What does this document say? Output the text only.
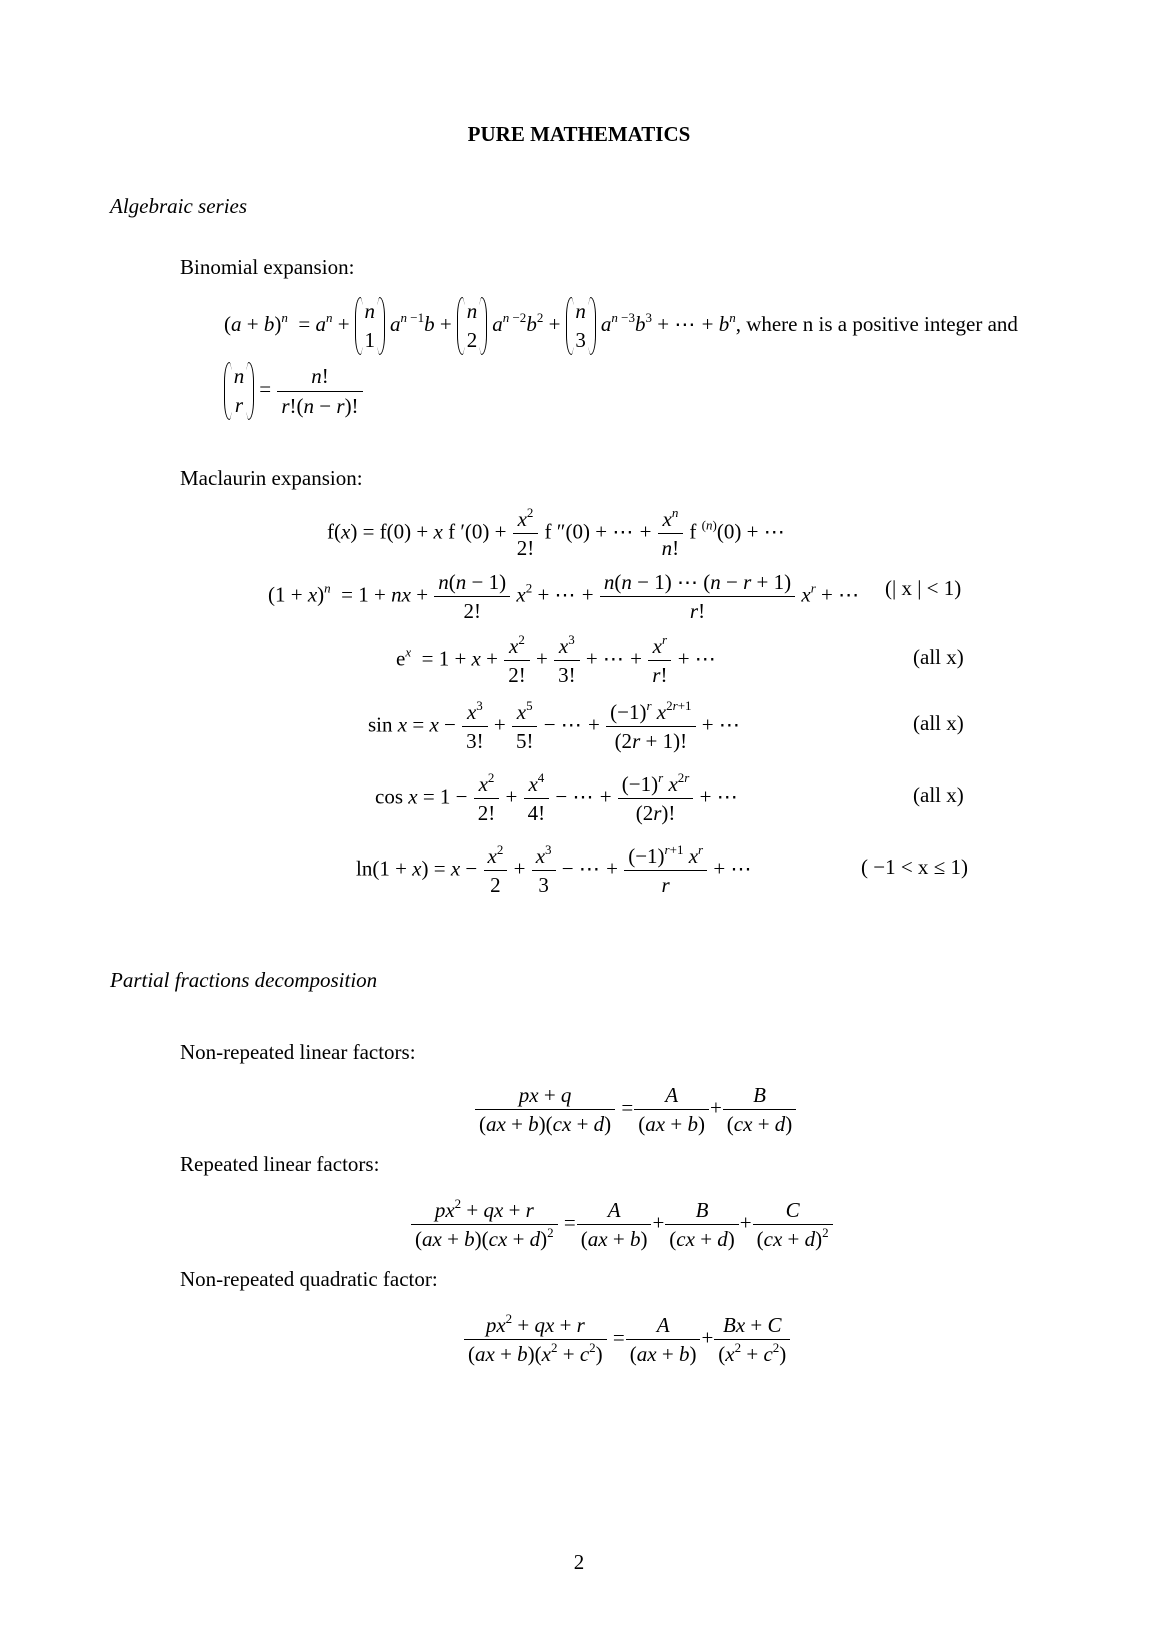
PURE MATHEMATICS
Algebraic series
Binomial expansion:
$(a + b)^n = a^n$ +
n
1
$a^{n -1}b$ +
n
2
$a^{n -2}b^2$ +
n
3
$a^{n -3}b^3$ + ⋯ + $b^n$, where n is a positive integer and
n
r
= $\frac{n!}{r!(n - r)!}$
Maclaurin expansion:
f(x) = f(0) + x f $'(0) + \frac{x^2}{2!}$ f ″(0) + ⋯ + $\frac{x^n}{n!}$ f $^{(n)}$(0) + ⋯
$(1 + x)^n = 1$ + nx + $\frac{n(n - 1)}{2!} x^2$ + ⋯ + $\frac{n(n - 1) \cdots (n - r + 1)}{r!} x^r$ + ⋯ (| x | < 1)
$e^x = 1 + x + \frac{x^2}{2!} + \frac{x^3}{3!}$ + ⋯ + $\frac{x^r}{r!}$ + ⋯	(all x)
$\sin x = x - \frac{x^3}{3!} + \frac{x^5}{5!}$ − ⋯ + $\frac{(-1)^r x^{2r+1}}{(2r + 1)!}$ + ⋯	(all x)
$\cos x = 1 - \frac{x^2}{2!} + \frac{x^4}{4!}$ − ⋯ + $\frac{(-1)^r x^{2r}}{(2r)!}$ + ⋯	(all x)
$\ln(1 + x) = x - \frac{x^2}{2} + \frac{x^3}{3}$ − ⋯ + $\frac{(-1)^{r+1} x^r}{r}$ + ⋯	( −1 < x ≤ 1)
Partial fractions decomposition
Non-repeated linear factors:
$\frac{px + q}{(ax + b)(cx + d)} = \frac{A}{(ax + b)} + \frac{B}{(cx + d)}$
Repeated linear factors:
$\frac{px^2 + qx + r}{(ax + b)(cx + d)^2} = \frac{A}{(ax + b)} + \frac{B}{(cx + d)} + \frac{C}{(cx + d)^2}$
Non-repeated quadratic factor:
$\frac{px^2 + qx + r}{(ax + b)(x^2 + c^2)} = \frac{A}{(ax + b)} + \frac{Bx + C}{(x^2 + c^2)}$
2
